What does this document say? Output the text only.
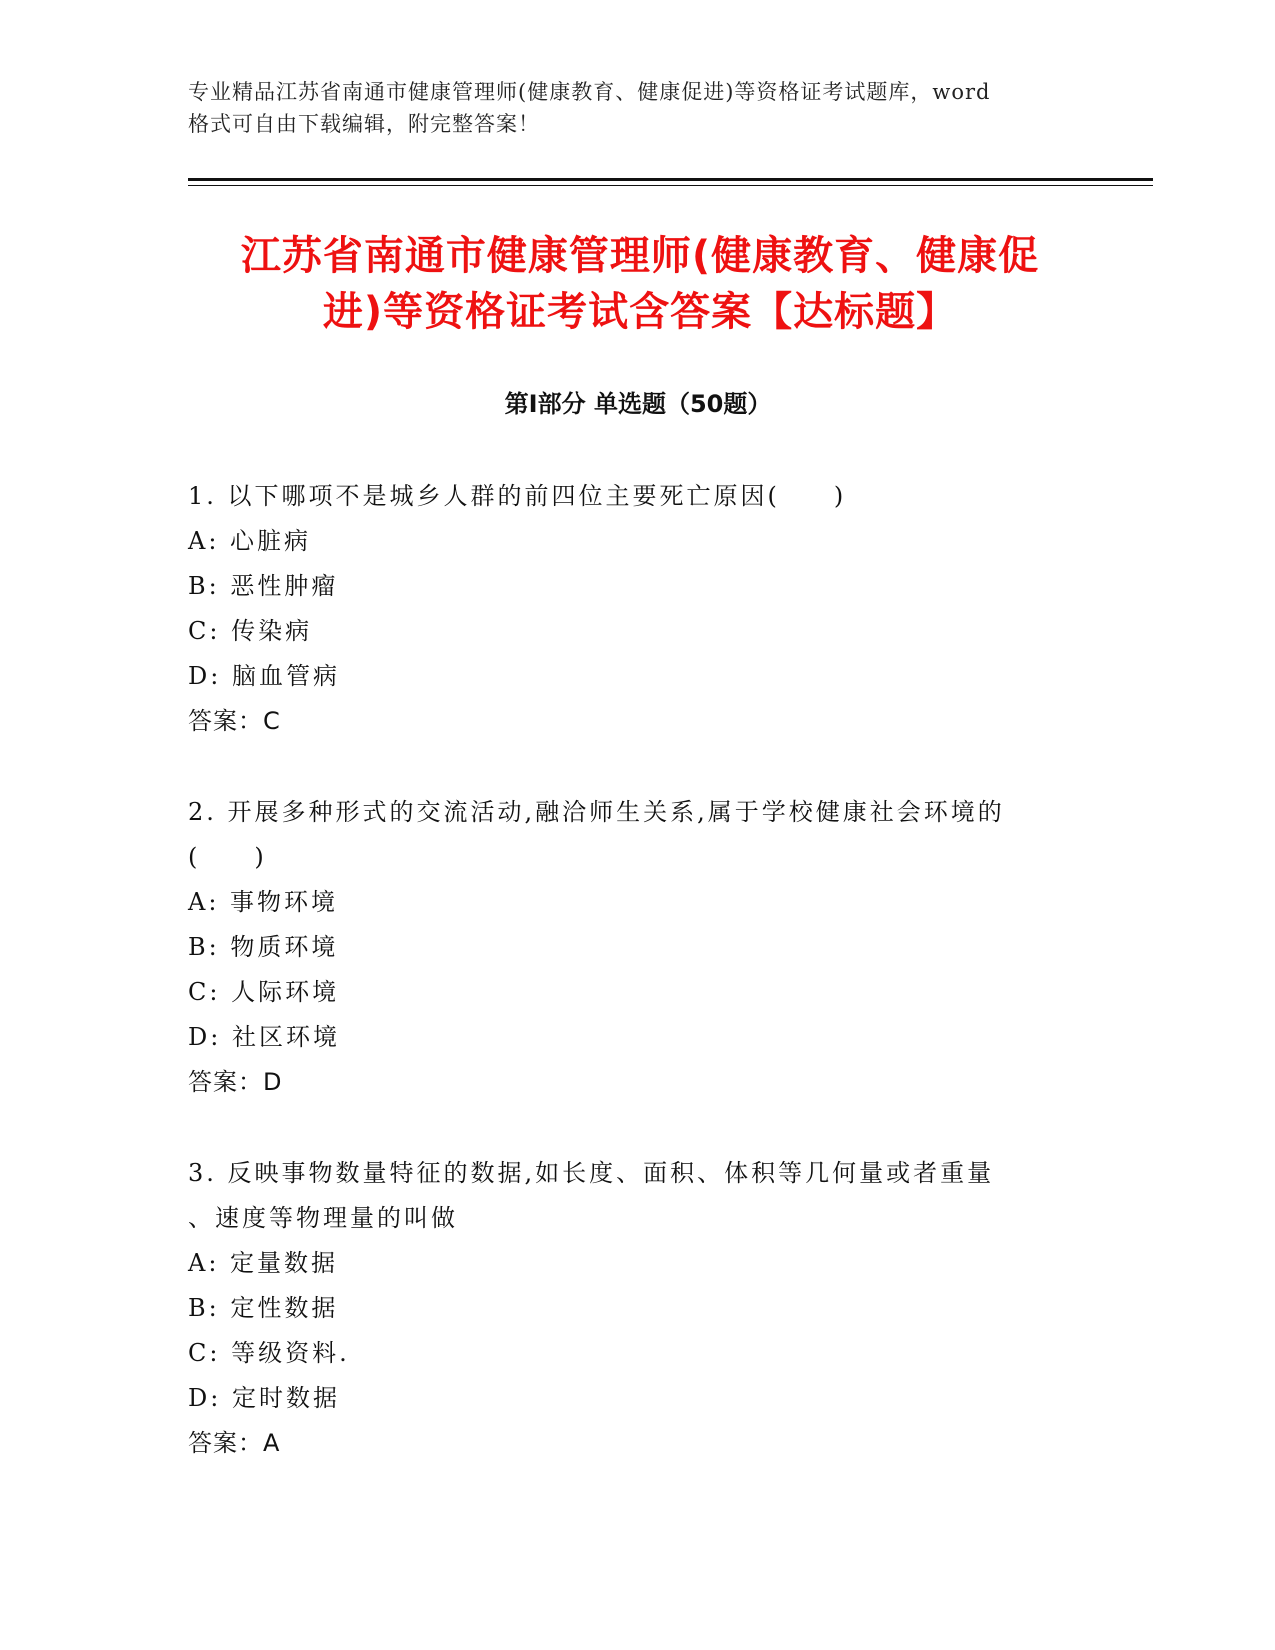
专业精品江苏省南通市健康管理师(健康教育、健康促进)等资格证考试题库，word
格式可自由下载编辑，附完整答案！
江苏省南通市健康管理师(健康教育、健康促
进)等资格证考试含答案【达标题】
第Ⅰ部分 单选题（50题）
1. 以下哪项不是城乡人群的前四位主要死亡原因(　　)
A: 心脏病
B: 恶性肿瘤
C: 传染病
D: 脑血管病
答案：C
2. 开展多种形式的交流活动,融洽师生关系,属于学校健康社会环境的
(　　)
A: 事物环境
B: 物质环境
C: 人际环境
D: 社区环境
答案：D
3. 反映事物数量特征的数据,如长度、面积、体积等几何量或者重量
、速度等物理量的叫做
A: 定量数据
B: 定性数据
C: 等级资料.
D: 定时数据
答案：A
